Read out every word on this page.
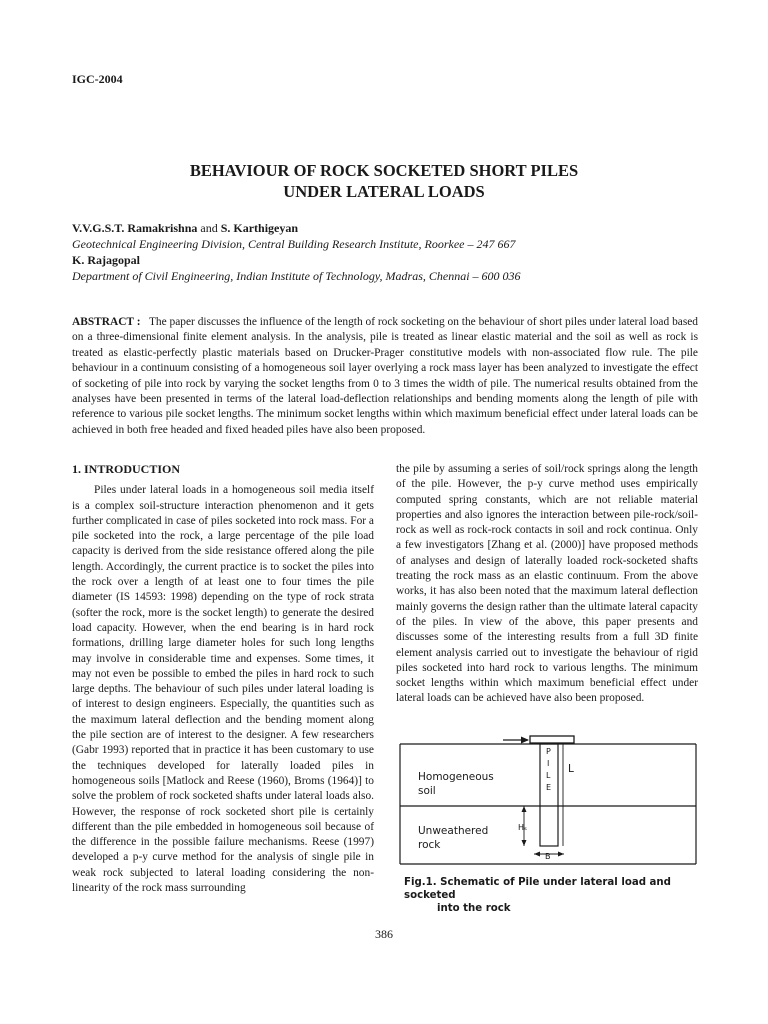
IGC-2004
BEHAVIOUR OF ROCK SOCKETED SHORT PILES
UNDER LATERAL LOADS
V.V.G.S.T. Ramakrishna and S. Karthigeyan
Geotechnical Engineering Division, Central Building Research Institute, Roorkee – 247 667
K. Rajagopal
Department of Civil Engineering, Indian Institute of Technology, Madras, Chennai – 600 036
ABSTRACT : The paper discusses the influence of the length of rock socketing on the behaviour of short piles under lateral load based on a three-dimensional finite element analysis. In the analysis, pile is treated as linear elastic material and the soil as well as rock is treated as elastic-perfectly plastic materials based on Drucker-Prager constitutive models with non-associated flow rule. The pile behaviour in a continuum consisting of a homogeneous soil layer overlying a rock mass layer has been analyzed to investigate the effect of socketing of pile into rock by varying the socket lengths from 0 to 3 times the width of pile. The numerical results obtained from the analyses have been presented in terms of the lateral load-deflection relationships and bending moments along the length of pile with reference to various pile socket lengths. The minimum socket lengths within which maximum beneficial effect under lateral loads can be achieved in both free headed and fixed headed piles have also been proposed.
1. INTRODUCTION

Piles under lateral loads in a homogeneous soil media itself is a complex soil-structure interaction phenomenon and it gets further complicated in case of piles socketed into rock mass. For a pile socketed into the rock, a large percentage of the pile load capacity is derived from the side resistance offered along the pile length. Accordingly, the current practice is to socket the piles into the rock over a length of at least one to four times the pile diameter (IS 14593: 1998) depending on the type of rock strata (softer the rock, more is the socket length) to generate the desired load capacity. However, when the end bearing is in hard rock formations, drilling large diameter holes for such long lengths may involve in considerable time and expenses. Some times, it may not even be possible to embed the piles in hard rock to such large depths. The behaviour of such piles under lateral loading is of interest to design engineers. Especially, the quantities such as the maximum lateral deflection and the bending moment along the pile section are of interest to the designer. A few researchers (Gabr 1993) reported that in practice it has been customary to use the techniques developed for laterally loaded piles in homogeneous soils [Matlock and Reese (1960), Broms (1964)] to solve the problem of rock socketed shafts under lateral loads also. However, the response of rock socketed short pile is certainly different than the pile embedded in homogeneous soil because of the difference in the possible failure mechanisms. Reese (1997) developed a p-y curve method for the analysis of single pile in weak rock subjected to lateral loading considering the non-linearity of the rock mass surrounding

the pile by assuming a series of soil/rock springs along the length of the pile. However, the p-y curve method uses empirically computed spring constants, which are not reliable material properties and also ignores the interaction between pile-rock/soil-rock as well as rock-rock contacts in soil and rock continua. Only a few investigators [Zhang et al. (2000)] have proposed methods of analyses and design of laterally loaded rock-socketed shafts treating the rock mass as an elastic continuum. From the above works, it has also been noted that the maximum lateral deflection mainly governs the design rather than the ultimate lateral capacity of the piles. In view of the above, this paper presents and discusses some of the interesting results from a full 3D finite element analysis carried out to investigate the behaviour of rigid piles socketed into hard rock to various lengths. The minimum socket lengths within which maximum beneficial effect under lateral loads can be achieved have also been proposed.

P
I
L
E
L
Hₛ
B
Homogeneous
soil
Unweathered
rock
Fig.1. Schematic of Pile under lateral load and socketed
into the rock
386
